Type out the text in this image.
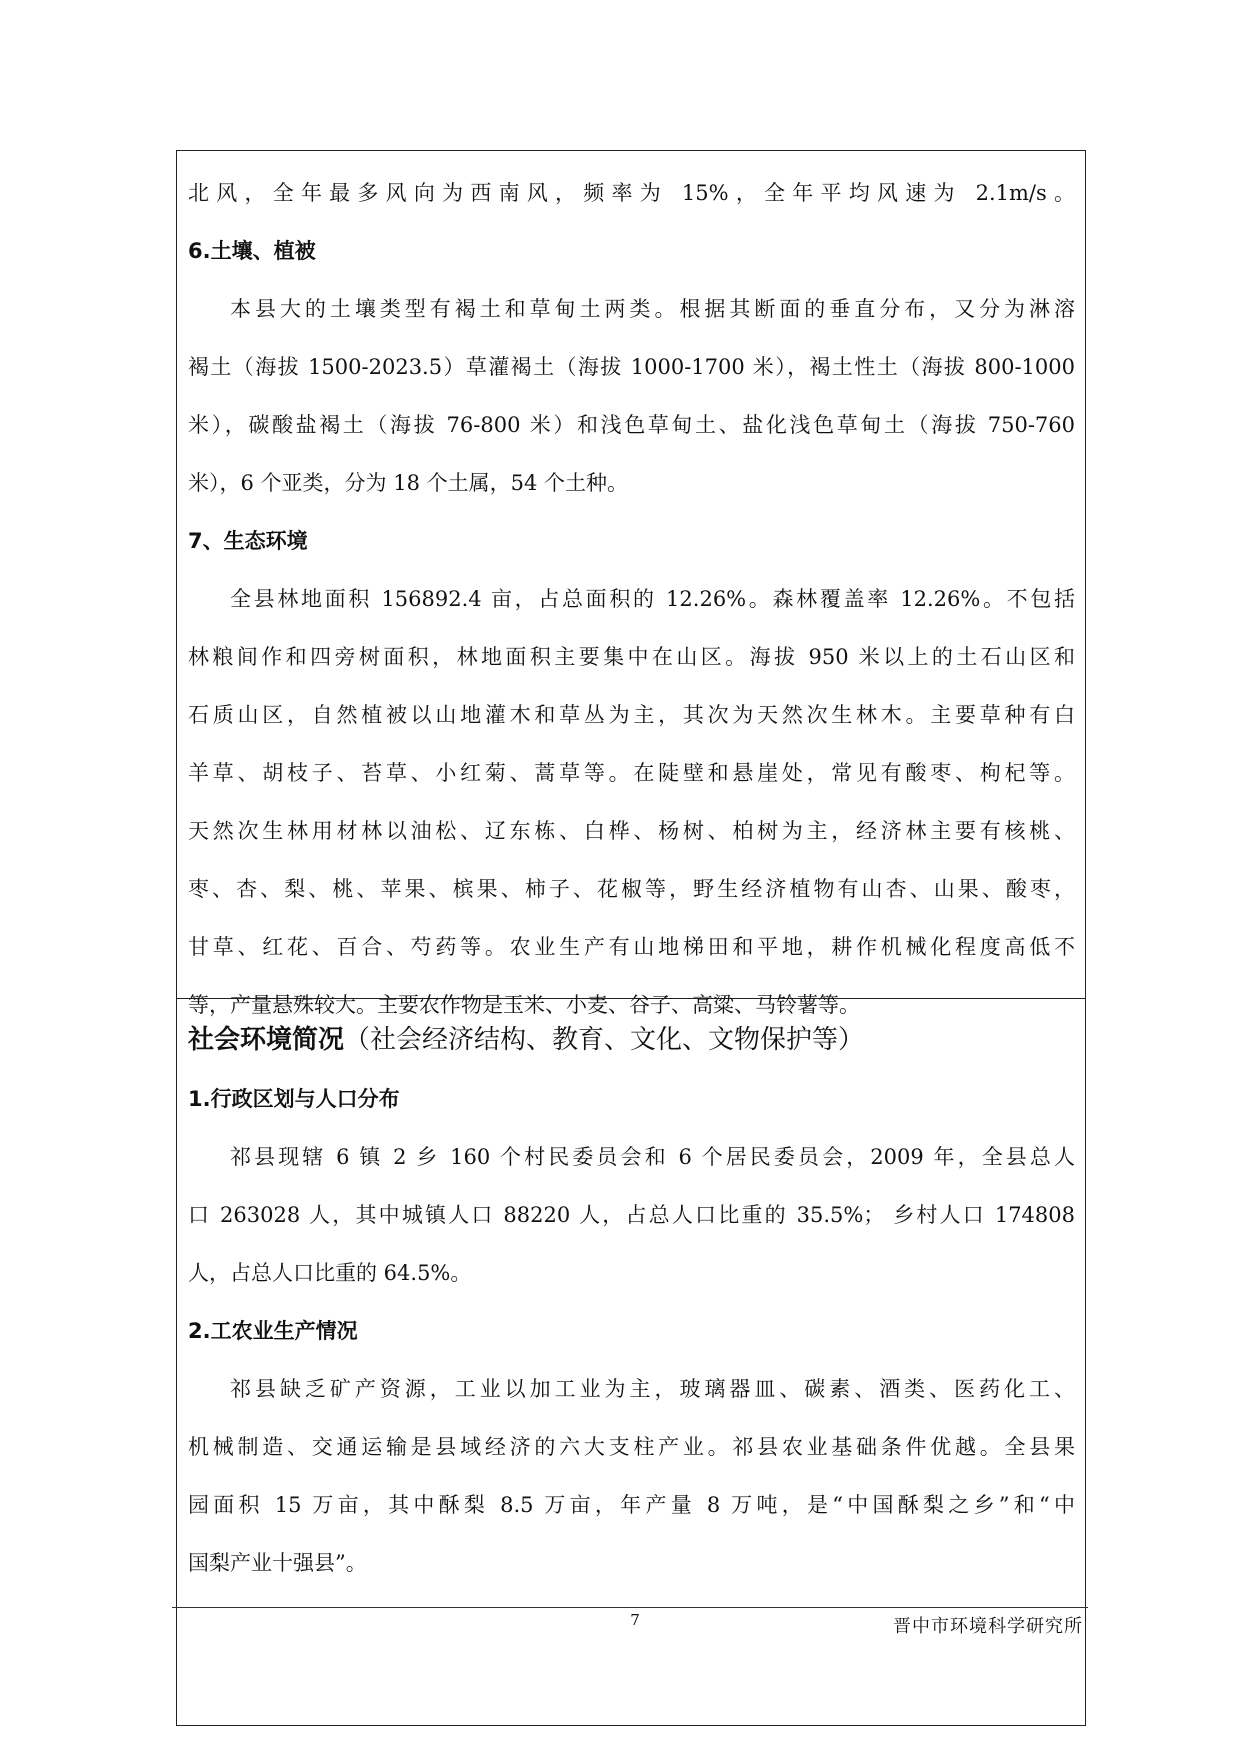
北风，全年最多风向为西南风，频率为 15%，全年平均风速为 2.1m/s。
6.土壤、植被
本县大的土壤类型有褐土和草甸土两类。根据其断面的垂直分布，又分为淋溶
褐土（海拔 1500-2023.5）草灌褐土（海拔 1000-1700 米），褐土性土（海拔 800-1000
米），碳酸盐褐土（海拔 76-800 米）和浅色草甸土、盐化浅色草甸土（海拔 750-760
米），6 个亚类，分为 18 个土属，54 个土种。
7、生态环境
全县林地面积 156892.4 亩，占总面积的 12.26%。森林覆盖率 12.26%。不包括
林粮间作和四旁树面积，林地面积主要集中在山区。海拔 950 米以上的土石山区和
石质山区，自然植被以山地灌木和草丛为主，其次为天然次生林木。主要草种有白
羊草、胡枝子、苔草、小红菊、蒿草等。在陡壁和悬崖处，常见有酸枣、枸杞等。
天然次生林用材林以油松、辽东栋、白桦、杨树、柏树为主，经济林主要有核桃、
枣、杏、梨、桃、苹果、槟果、柿子、花椒等，野生经济植物有山杏、山果、酸枣，
甘草、红花、百合、芍药等。农业生产有山地梯田和平地，耕作机械化程度高低不
等，产量悬殊较大。主要农作物是玉米、小麦、谷子、高粱、马铃薯等。
社会环境简况（社会经济结构、教育、文化、文物保护等）
1.行政区划与人口分布
祁县现辖 6 镇 2 乡 160 个村民委员会和 6 个居民委员会，2009 年，全县总人
口 263028 人，其中城镇人口 88220 人，占总人口比重的 35.5%； 乡村人口 174808
人，占总人口比重的 64.5%。
2.工农业生产情况
祁县缺乏矿产资源，工业以加工业为主，玻璃器皿、碳素、酒类、医药化工、
机械制造、交通运输是县域经济的六大支柱产业。祁县农业基础条件优越。全县果
园面积 15 万亩，其中酥梨 8.5 万亩，年产量 8 万吨，是“中国酥梨之乡”和“中
国梨产业十强县”。
7	晋中市环境科学研究所
